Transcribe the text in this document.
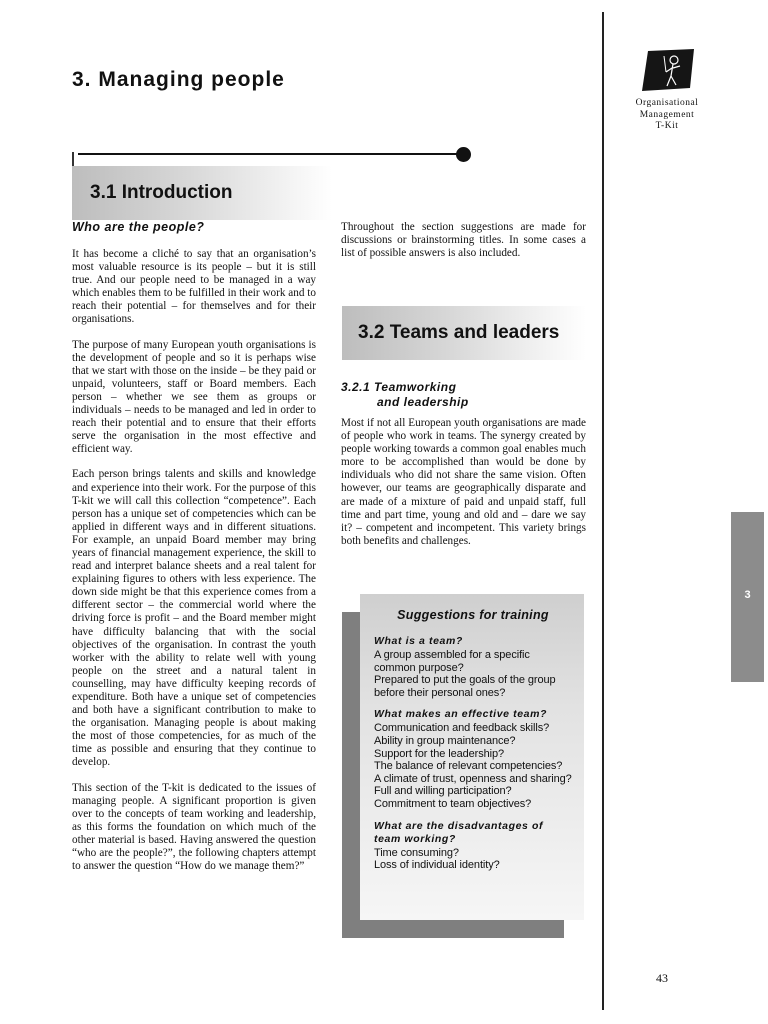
3. Managing people
Organisational
Management
T-Kit
3.1 Introduction
Who are the people?

It has become a cliché to say that an organisation’s most valuable resource is its people – but it is still true. And our people need to be managed in a way which enables them to be fulfilled in their work and to reach their potential – for themselves and for their organisations.

The purpose of many European youth organisations is the development of people and so it is perhaps wise that we start with those on the inside – be they paid or unpaid, volunteers, staff or Board members. Each person – whether we see them as groups or individuals – needs to be managed and led in order to reach their potential and to ensure that their efforts serve the organisation in the most effective and efficient way.

Each person brings talents and skills and knowledge and experience into their work. For the purpose of this T-kit we will call this collection “competence”. Each person has a unique set of competencies which can be applied in different ways and in different situations. For example, an unpaid Board member may bring years of financial management experience, the skill to read and interpret balance sheets and a real talent for explaining figures to others with less experience. The down side might be that this experience comes from a different sector – the commercial world where the driving force is profit – and the Board member might have difficulty balancing that with the social objectives of the organisation. In contrast the youth worker with the ability to relate well with young people on the street and a natural talent in counselling, may have difficulty keeping records of expenditure. Both have a unique set of competencies and both have a significant contribution to make to the organisation. Managing people is about making the most of those competencies, for as much of the time as possible and ensuring that they continue to develop.

This section of the T-kit is dedicated to the issues of managing people. A significant proportion is given over to the concepts of team working and leadership, as this forms the foundation on which much of the other material is based. Having answered the question “who are the people?”, the following chapters attempt to answer the question “How do we manage them?”

Throughout the section suggestions are made for discussions or brainstorming titles. In some cases a list of possible answers is also included.

3.2 Teams and leaders
3.2.1 Teamworking
and leadership

Most if not all European youth organisations are made of people who work in teams. The synergy created by people working towards a common goal enables much more to be accomplished than would be done by individuals who did not share the same vision. Often however, our teams are geographically disparate and are made of a mixture of paid and unpaid staff, full time and part time, young and old and – dare we say it? – competent and incompetent. This variety brings both benefits and challenges.

Suggestions for training
What is a team?
A group assembled for a specific common purpose?
Prepared to put the goals of the group before their personal ones?
What makes an effective team?
Communication and feedback skills?
Ability in group maintenance?
Support for the leadership?
The balance of relevant competencies?
A climate of trust, openness and sharing?
Full and willing participation?
Commitment to team objectives?
What are the disadvantages of team working?
Time consuming?
Loss of individual identity?
3
43
